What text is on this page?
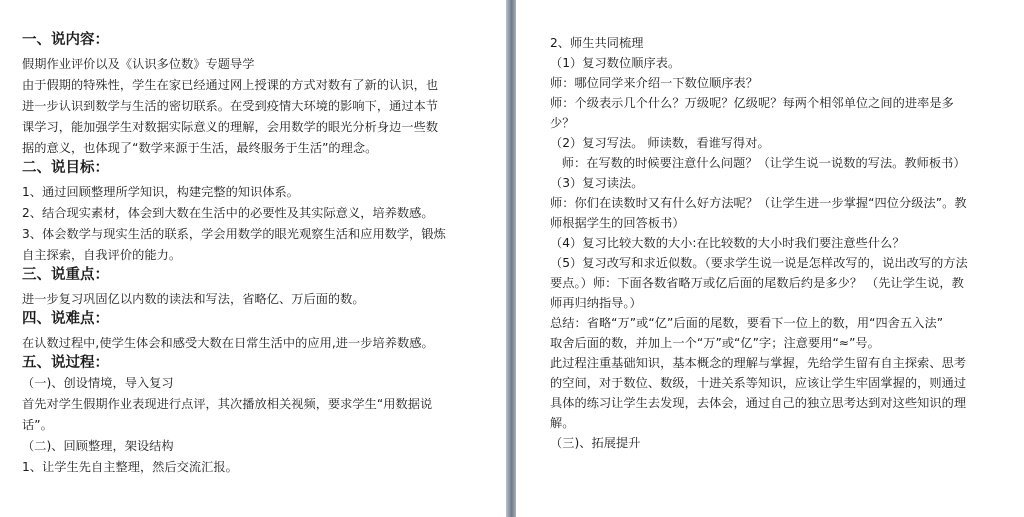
一、说内容：
假期作业评价以及《认识多位数》专题导学
由于假期的特殊性，学生在家已经通过网上授课的方式对数有了新的认识，也
进一步认识到数学与生活的密切联系。在受到疫情大环境的影响下，通过本节
课学习，能加强学生对数据实际意义的理解，会用数学的眼光分析身边一些数
据的意义，也体现了“数学来源于生活，最终服务于生活”的理念。
二、说目标：
1、通过回顾整理所学知识，构建完整的知识体系。
2、结合现实素材，体会到大数在生活中的必要性及其实际意义，培养数感。
3、体会数学与现实生活的联系，学会用数学的眼光观察生活和应用数学，锻炼
自主探索，自我评价的能力。
三、说重点：
进一步复习巩固亿以内数的读法和写法，省略亿、万后面的数。
四、说难点：
在认数过程中,使学生体会和感受大数在日常生活中的应用,进一步培养数感。
五、说过程：
（一)、创设情境，导入复习
首先对学生假期作业表现进行点评，其次播放相关视频，要求学生“用数据说
话”。
（二)、回顾整理，架设结构
1、让学生先自主整理，然后交流汇报。
2、师生共同梳理
（1）复习数位顺序表。
师：哪位同学来介绍一下数位顺序表？
师：个级表示几个什么？万级呢？亿级呢？每两个相邻单位之间的进率是多
少？
（2）复习写法。 师读数，看谁写得对。
师：在写数的时候要注意什么问题？（让学生说一说数的写法。教师板书）
（3）复习读法。
师：你们在读数时又有什么好方法呢？（让学生进一步掌握“四位分级法”。教
师根据学生的回答板书）
（4）复习比较大数的大小:在比较数的大小时我们要注意些什么？
（5）复习改写和求近似数。（要求学生说一说是怎样改写的，说出改写的方法
要点。）师：下面各数省略万或亿后面的尾数后约是多少？ （先让学生说，教
师再归纳指导。）
总结：省略“万”或“亿”后面的尾数，要看下一位上的数，用“四舍五入法”
取舍后面的数，并加上一个“万”或“亿”字；注意要用“≈”号。
此过程注重基础知识，基本概念的理解与掌握，先给学生留有自主探索、思考
的空间，对于数位、数级，十进关系等知识，应该让学生牢固掌握的，则通过
具体的练习让学生去发现，去体会，通过自己的独立思考达到对这些知识的理
解。
（三)、拓展提升
